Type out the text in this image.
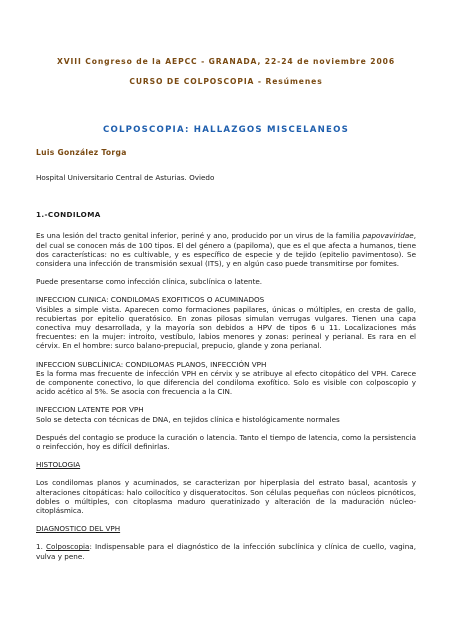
XVIII Congreso de la AEPCC - GRANADA, 22-24 de noviembre 2006
CURSO DE COLPOSCOPIA - Resúmenes
COLPOSCOPIA: HALLAZGOS MISCELANEOS
Luis González Torga

Hospital Universitario Central de Asturias. Oviedo

1.-CONDILOMA

Es una lesión del tracto genital inferior, periné y ano, producido por un virus de la familia papovaviridae, del cual se conocen más de 100 tipos. El del género a (papiloma), que es el que afecta a humanos, tiene dos características: no es cultivable, y es específico de especie y de tejido (epitelio pavimentoso). Se considera una infección de transmisión sexual (ITS), y en algún caso puede transmitirse por fomites.

Puede presentarse como infección clínica, subclínica o latente.

INFECCION CLINICA: CONDILOMAS EXOFITICOS O ACUMINADOS

Visibles a simple vista. Aparecen como formaciones papilares, únicas o múltiples, en cresta de gallo, recubiertas por epitelio queratósico. En zonas pilosas simulan verrugas vulgares. Tienen una capa conectiva muy desarrollada, y la mayoría son debidos a HPV de tipos 6 u 11. Localizaciones más frecuentes: en la mujer: introito, vestíbulo, labios menores y zonas: perineal y perianal. Es rara en el cérvix. En el hombre: surco balano-prepucial, prepucio, glande y zona perianal.

INFECCION SUBCLÍNICA: CONDILOMAS PLANOS, INFECCIÓN VPH

Es la forma mas frecuente de infección VPH en cérvix y se atribuye al efecto citopático del VPH. Carece de componente conectivo, lo que diferencia del condiloma exofítico. Solo es visible con colposcopio y acido acético al 5%. Se asocia con frecuencia a la CIN.

INFECCION LATENTE POR VPH

Solo se detecta con técnicas de DNA, en tejidos clínica e histológicamente normales

Después del contagio se produce la curación o latencia. Tanto el tiempo de latencia, como la persistencia o reinfección, hoy es difícil definirlas.

HISTOLOGIA

Los condilomas planos y acuminados, se caracterizan por hiperplasia del estrato basal, acantosis y alteraciones citopáticas: halo coilocítico y disqueratocitos. Son células pequeñas con núcleos picnóticos, dobles o múltiples, con citoplasma maduro queratinizado y alteración de la maduración núcleo-citoplásmica.

DIAGNOSTICO DEL VPH

1. Colposcopia: Indispensable para el diagnóstico de la infección subclínica y clínica de cuello, vagina, vulva y pene.
